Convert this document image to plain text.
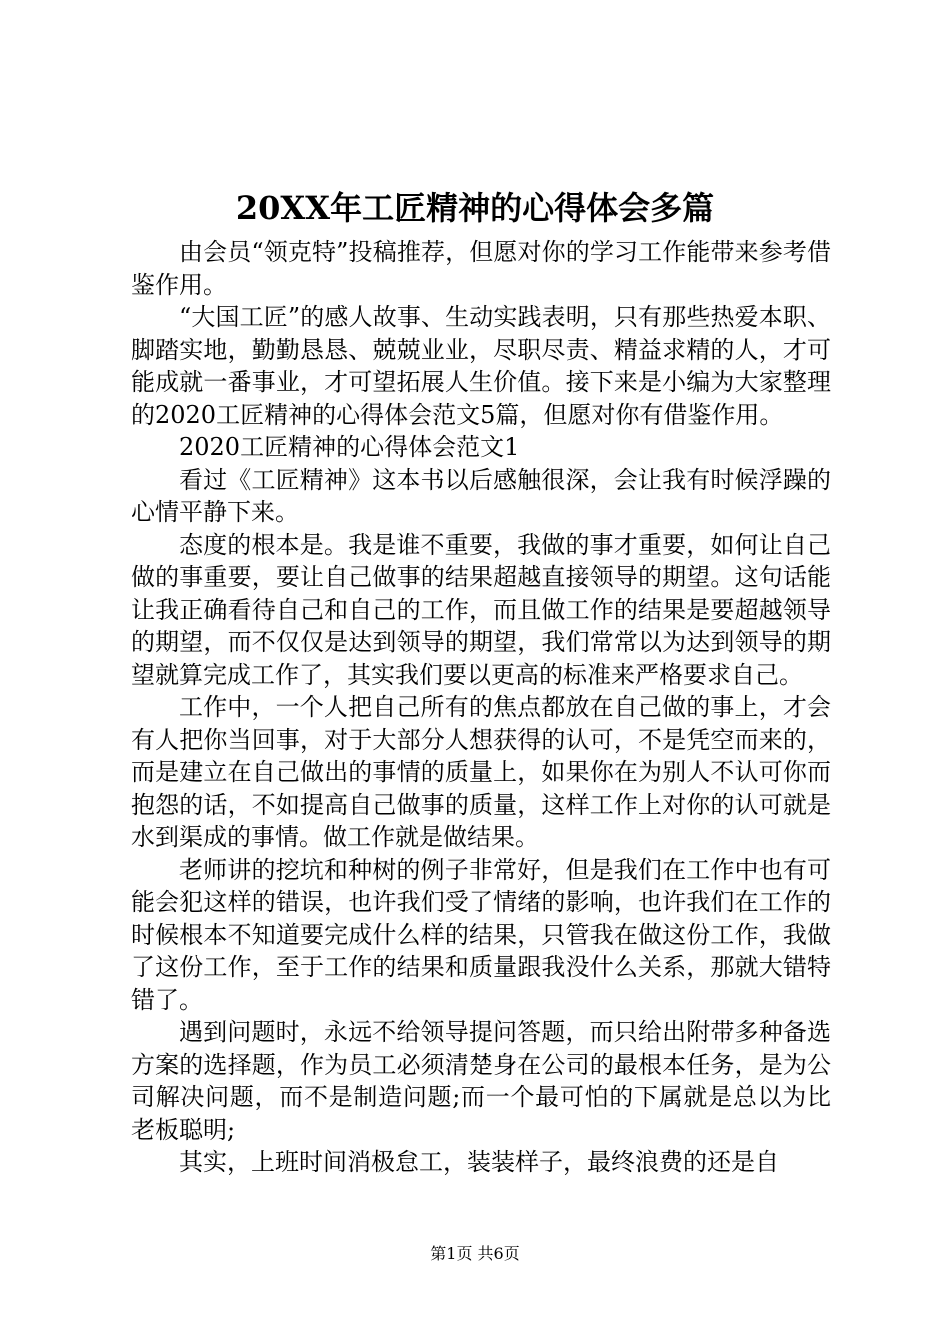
20XX年工匠精神的心得体会多篇

由会员“领克特”投稿推荐，但愿对你的学习工作能带来参考借鉴作用。

“大国工匠”的感人故事、生动实践表明，只有那些热爱本职、脚踏实地，勤勤恳恳、兢兢业业，尽职尽责、精益求精的人，才可能成就一番事业，才可望拓展人生价值。接下来是小编为大家整理的2020工匠精神的心得体会范文5篇，但愿对你有借鉴作用。

2020工匠精神的心得体会范文1

看过《工匠精神》这本书以后感触很深，会让我有时候浮躁的心情平静下来。

态度的根本是。我是谁不重要，我做的事才重要，如何让自己做的事重要，要让自己做事的结果超越直接领导的期望。这句话能让我正确看待自己和自己的工作，而且做工作的结果是要超越领导的期望，而不仅仅是达到领导的期望，我们常常以为达到领导的期望就算完成工作了，其实我们要以更高的标准来严格要求自己。

工作中，一个人把自己所有的焦点都放在自己做的事上，才会有人把你当回事，对于大部分人想获得的认可，不是凭空而来的，而是建立在自己做出的事情的质量上，如果你在为别人不认可你而抱怨的话，不如提高自己做事的质量，这样工作上对你的认可就是水到渠成的事情。做工作就是做结果。

老师讲的挖坑和种树的例子非常好，但是我们在工作中也有可能会犯这样的错误，也许我们受了情绪的影响，也许我们在工作的时候根本不知道要完成什么样的结果，只管我在做这份工作，我做了这份工作，至于工作的结果和质量跟我没什么关系，那就大错特错了。

遇到问题时，永远不给领导提问答题，而只给出附带多种备选方案的选择题，作为员工必须清楚身在公司的最根本任务，是为公司解决问题，而不是制造问题;而一个最可怕的下属就是总以为比老板聪明;

其实，上班时间消极怠工，装装样子，最终浪费的还是自

第1页 共6页
